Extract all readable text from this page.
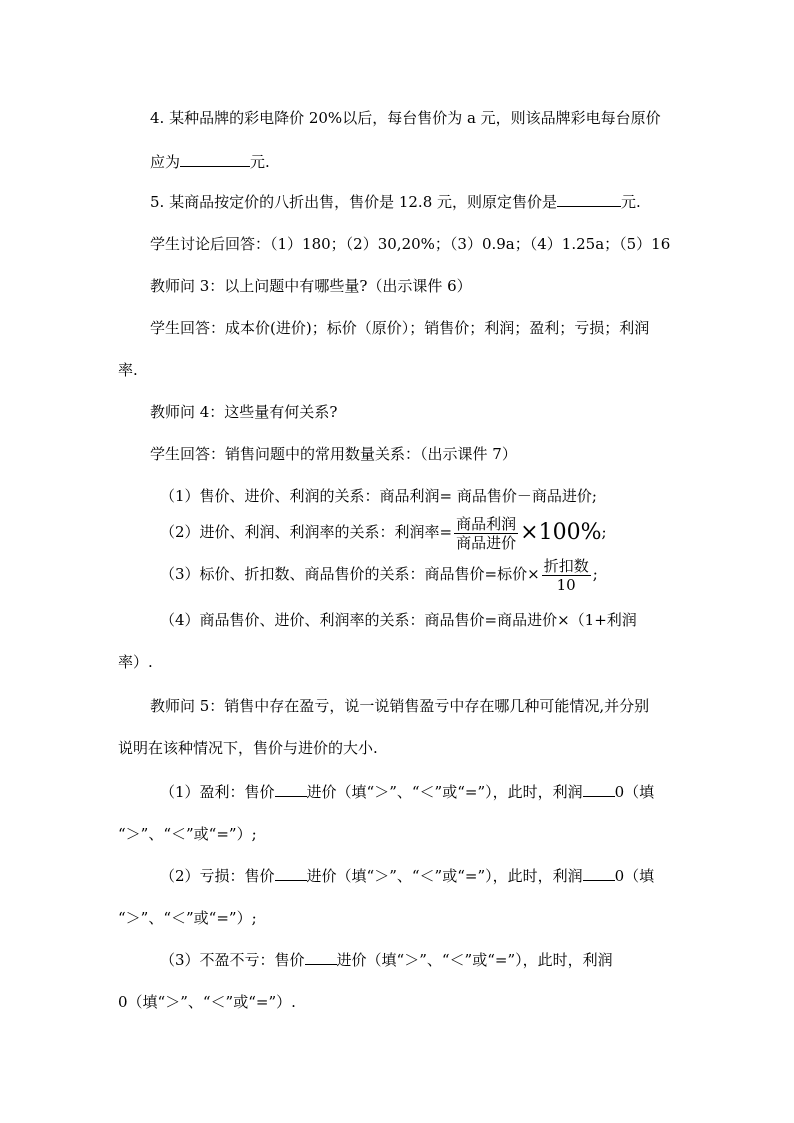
4. 某种品牌的彩电降价 20%以后，每台售价为 a 元，则该品牌彩电每台原价
应为	元.
5. 某商品按定价的八折出售，售价是 12.8 元，则原定售价是	元.
学生讨论后回答：（1）180；（2）30,20%；（3）0.9a；（4）1.25a；（5）16
教师问 3：以上问题中有哪些量?（出示课件 6）
学生回答：成本价(进价)；标价（原价）；销售价；利润；盈利；亏损；利润
率.
教师问 4：这些量有何关系?
学生回答：销售问题中的常用数量关系：（出示课件 7）
（1）售价、进价、利润的关系：商品利润= 商品售价－商品进价;
（2）进价、利润、利润率的关系：利润率= $\frac{\text{商品利润}}{\text{商品进价}} \times 100\%$;
（3）标价、折扣数、商品售价的关系：商品售价=标价× $\frac{\text{折扣数}}{10}$ ;
（4）商品售价、进价、利润率的关系：商品售价=商品进价×（1+利润
率）.
教师问 5：销售中存在盈亏，说一说销售盈亏中存在哪几种可能情况,并分别
说明在该种情况下，售价与进价的大小.
（1）盈利：售价 进价（填“＞”、“＜”或“=”），此时，利润 0（填
“＞”、“＜”或“=”）;
（2）亏损：售价 进价（填“＞”、“＜”或“=”），此时，利润 0（填
“＞”、“＜”或“=”）;
（3）不盈不亏：售价 进价（填“＞”、“＜”或“=”），此时，利润
0（填“＞”、“＜”或“=”）.
